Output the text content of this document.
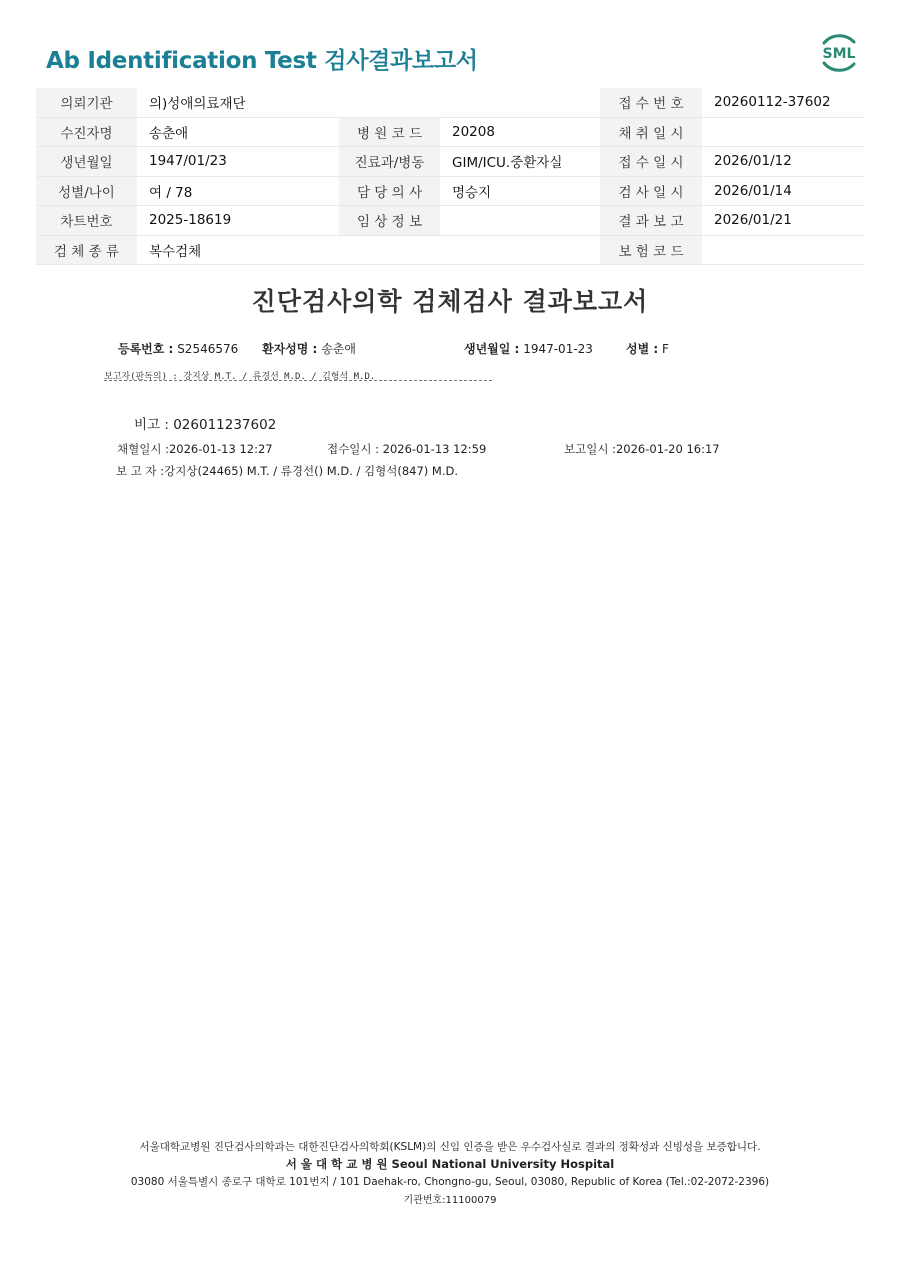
Ab Identification Test 검사결과보고서	SML
의뢰기관	의)성애의료재단			접 수 번 호	20260112-37602
수진자명	송춘애	병 원 코 드	20208	채 취 일 시	
생년월일	1947/01/23	진료과/병동	GIM/ICU.중환자실	접 수 일 시	2026/01/12
성별/나이	여 / 78	담 당 의 사	명승지	검 사 일 시	2026/01/14
차트번호	2025-18619	임 상 정 보		결 과 보 고	2026/01/21
검 체 종 류	복수검체			보 험 코 드	
진단검사의학 검체검사 결과보고서
등록번호 : S2546576 환자성명 : 송춘애	생년월일 : 1947-01-23	성별 : F
보고자(판독의) : 강지상 M.T. / 류경선 M.D. / 김형석 M.D.
비고 : 026011237602
채혈일시 :2026-01-13 12:27	접수일시 : 2026-01-13 12:59	보고일시 :2026-01-20 16:17
보 고 자 :강지상(24465) M.T. / 류경선() M.D. / 김형석(847) M.D.
서울대학교병원 진단검사의학과는 대한진단검사의학회(KSLM)의 신임 인증을 받은 우수검사실로 결과의 정확성과 신빙성을 보증합니다.
서 울 대 학 교 병 원 Seoul National University Hospital
03080 서울특별시 종로구 대학로 101번지 / 101 Daehak-ro, Chongno-gu, Seoul, 03080, Republic of Korea (Tel.:02-2072-2396)
기관번호:11100079
